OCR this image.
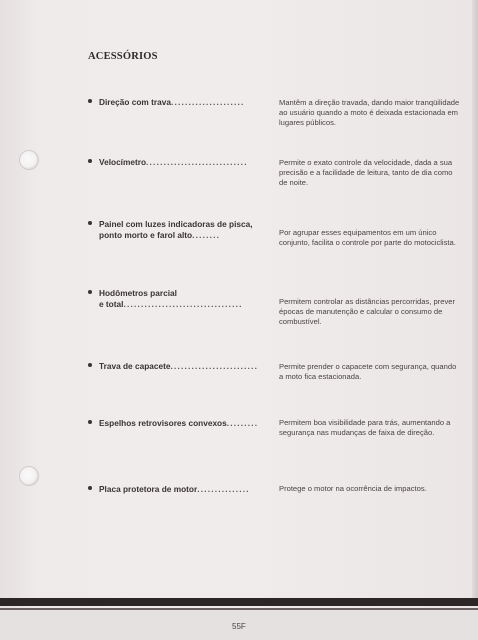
ACESSÓRIOS
Direção com trava.....................	Mantêm a direção travada, dando maior tranqüilidade ao usuário quando a moto é deixada estacionada em lugares públicos.
Velocímetro.............................	Permite o exato controle da velocidade, dada a sua precisão e a facilidade de leitura, tanto de dia como de noite.
Painel com luzes indicadoras de pisca,
ponto morto e farol alto........	Por agrupar esses equipamentos em um único conjunto, facilita o controle por parte do motociclista.
Hodômetros parcial
e total..................................	Permitem controlar as distâncias percorridas, prever épocas de manutenção e calcular o consumo de combustível.
Trava de capacete.........................	Permite prender o capacete com segurança, quando a moto fica estacionada.
Espelhos retrovisores convexos.........	Permitem boa visibilidade para trás, aumentando a segurança nas mudanças de faixa de direção.
Placa protetora de motor...............	Protege o motor na ocorrência de impactos.
55F
